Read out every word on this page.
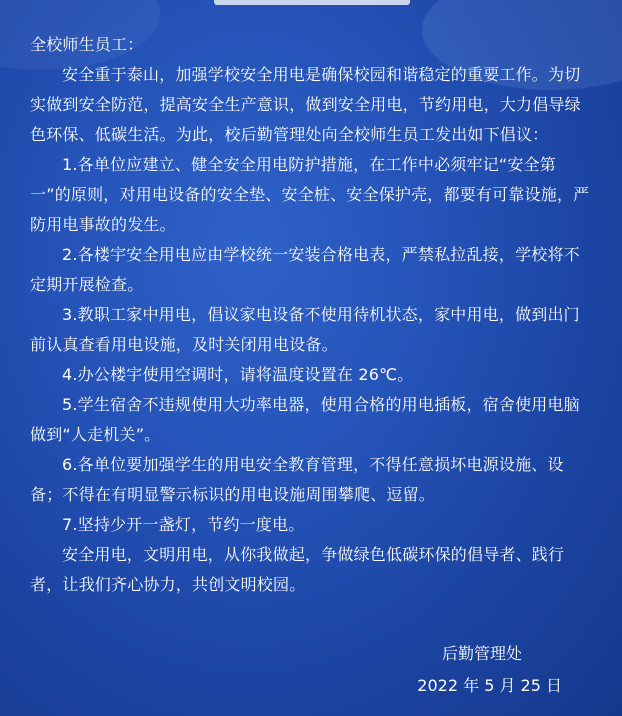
全校师生员工：

安全重于泰山，加强学校安全用电是确保校园和谐稳定的重要工作。为切实做到安全防范，提高安全生产意识，做到安全用电，节约用电，大力倡导绿色环保、低碳生活。为此，校后勤管理处向全校师生员工发出如下倡议：

1.各单位应建立、健全安全用电防护措施，在工作中必须牢记“安全第一”的原则，对用电设备的安全垫、安全桩、安全保护壳，都要有可靠设施，严防用电事故的发生。

2.各楼宇安全用电应由学校统一安装合格电表，严禁私拉乱接，学校将不定期开展检查。

3.教职工家中用电，倡议家电设备不使用待机状态，家中用电，做到出门前认真查看用电设施，及时关闭用电设备。

4.办公楼宇使用空调时，请将温度设置在 26℃。

5.学生宿舍不违规使用大功率电器，使用合格的用电插板，宿舍使用电脑做到“人走机关”。

6.各单位要加强学生的用电安全教育管理，不得任意损坏电源设施、设备；不得在有明显警示标识的用电设施周围攀爬、逗留。

7.坚持少开一盏灯，节约一度电。

安全用电，文明用电，从你我做起，争做绿色低碳环保的倡导者、践行者，让我们齐心协力，共创文明校园。

后勤管理处
2022 年 5 月 25 日
